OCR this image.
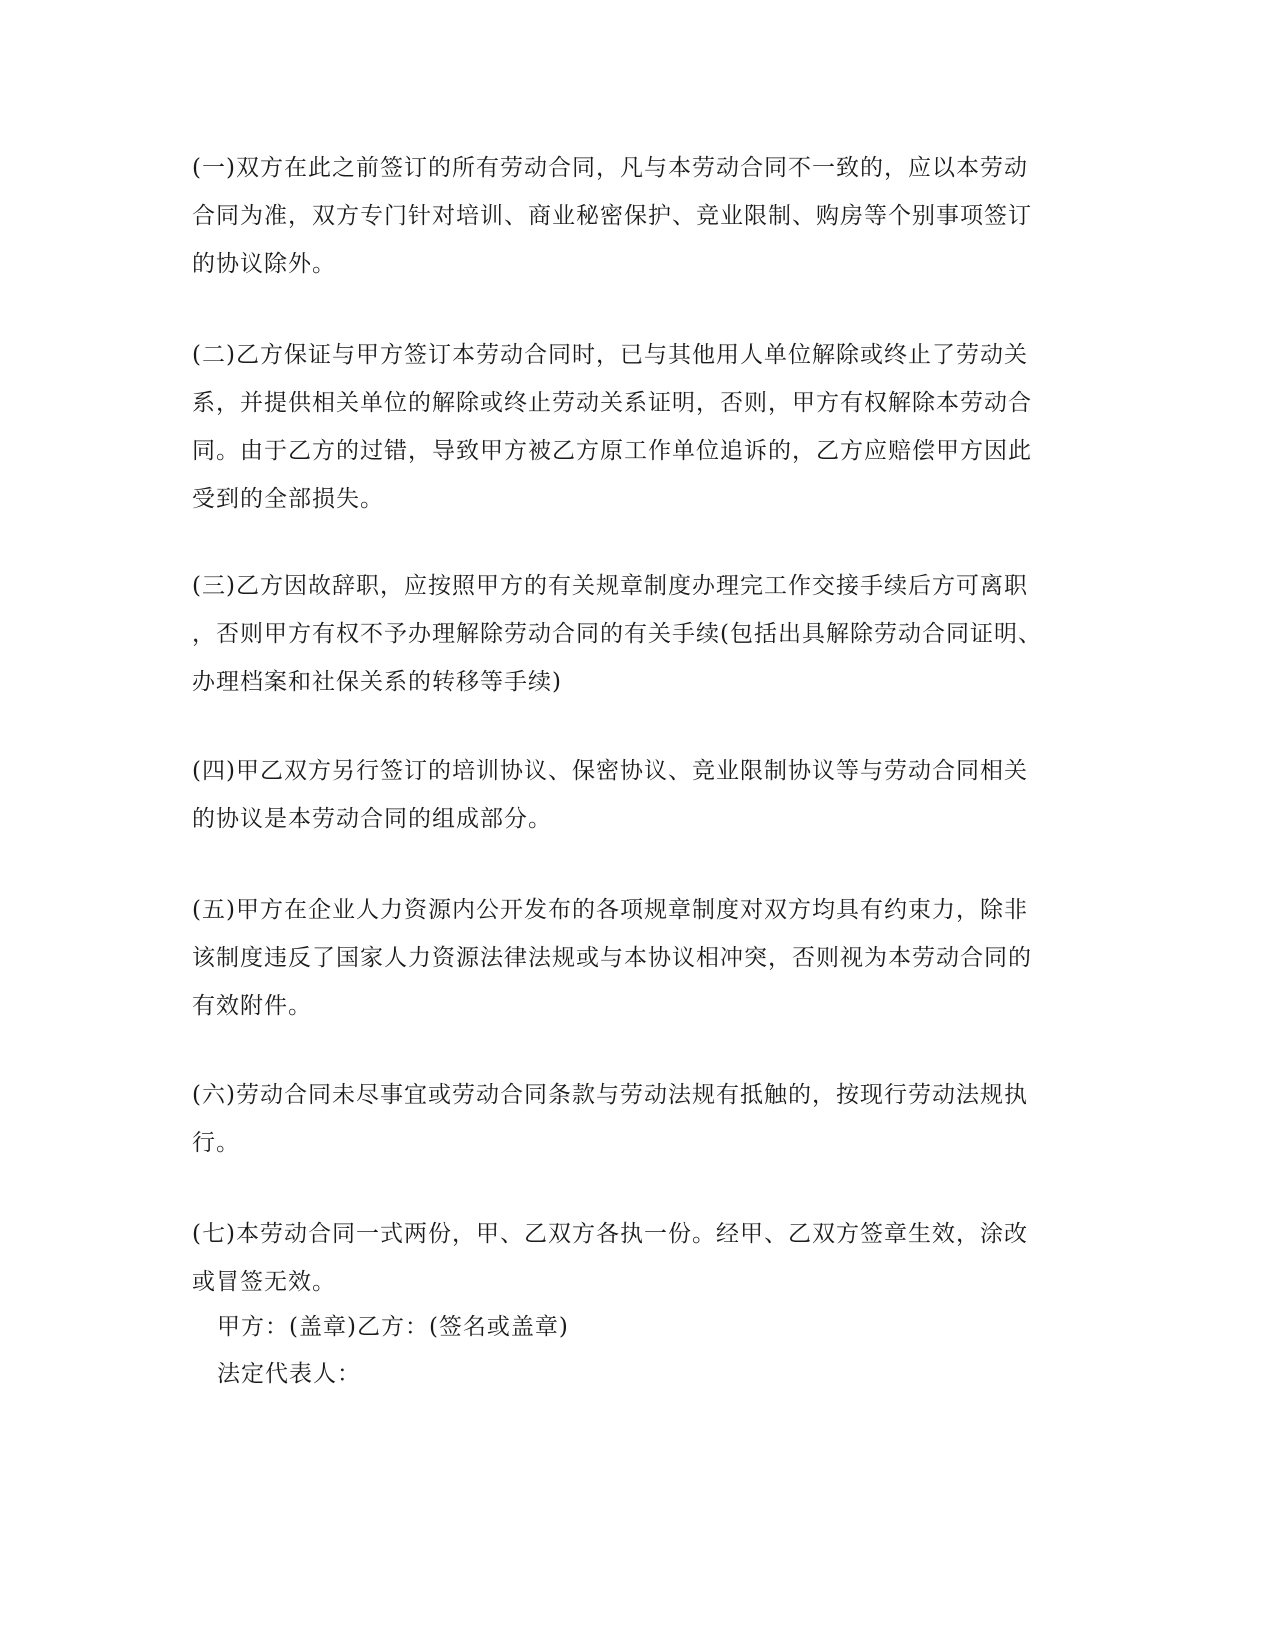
(一)双方在此之前签订的所有劳动合同，凡与本劳动合同不一致的，应以本劳动
合同为准，双方专门针对培训、商业秘密保护、竞业限制、购房等个别事项签订
的协议除外。

(二)乙方保证与甲方签订本劳动合同时，已与其他用人单位解除或终止了劳动关
系，并提供相关单位的解除或终止劳动关系证明，否则，甲方有权解除本劳动合
同。由于乙方的过错，导致甲方被乙方原工作单位追诉的，乙方应赔偿甲方因此
受到的全部损失。

(三)乙方因故辞职，应按照甲方的有关规章制度办理完工作交接手续后方可离职
，否则甲方有权不予办理解除劳动合同的有关手续(包括出具解除劳动合同证明、
办理档案和社保关系的转移等手续)

(四)甲乙双方另行签订的培训协议、保密协议、竞业限制协议等与劳动合同相关
的协议是本劳动合同的组成部分。

(五)甲方在企业人力资源内公开发布的各项规章制度对双方均具有约束力，除非
该制度违反了国家人力资源法律法规或与本协议相冲突，否则视为本劳动合同的
有效附件。

(六)劳动合同未尽事宜或劳动合同条款与劳动法规有抵触的，按现行劳动法规执
行。

(七)本劳动合同一式两份，甲、乙双方各执一份。经甲、乙双方签章生效，涂改
或冒签无效。

甲方：(盖章)乙方：(签名或盖章)

法定代表人：
